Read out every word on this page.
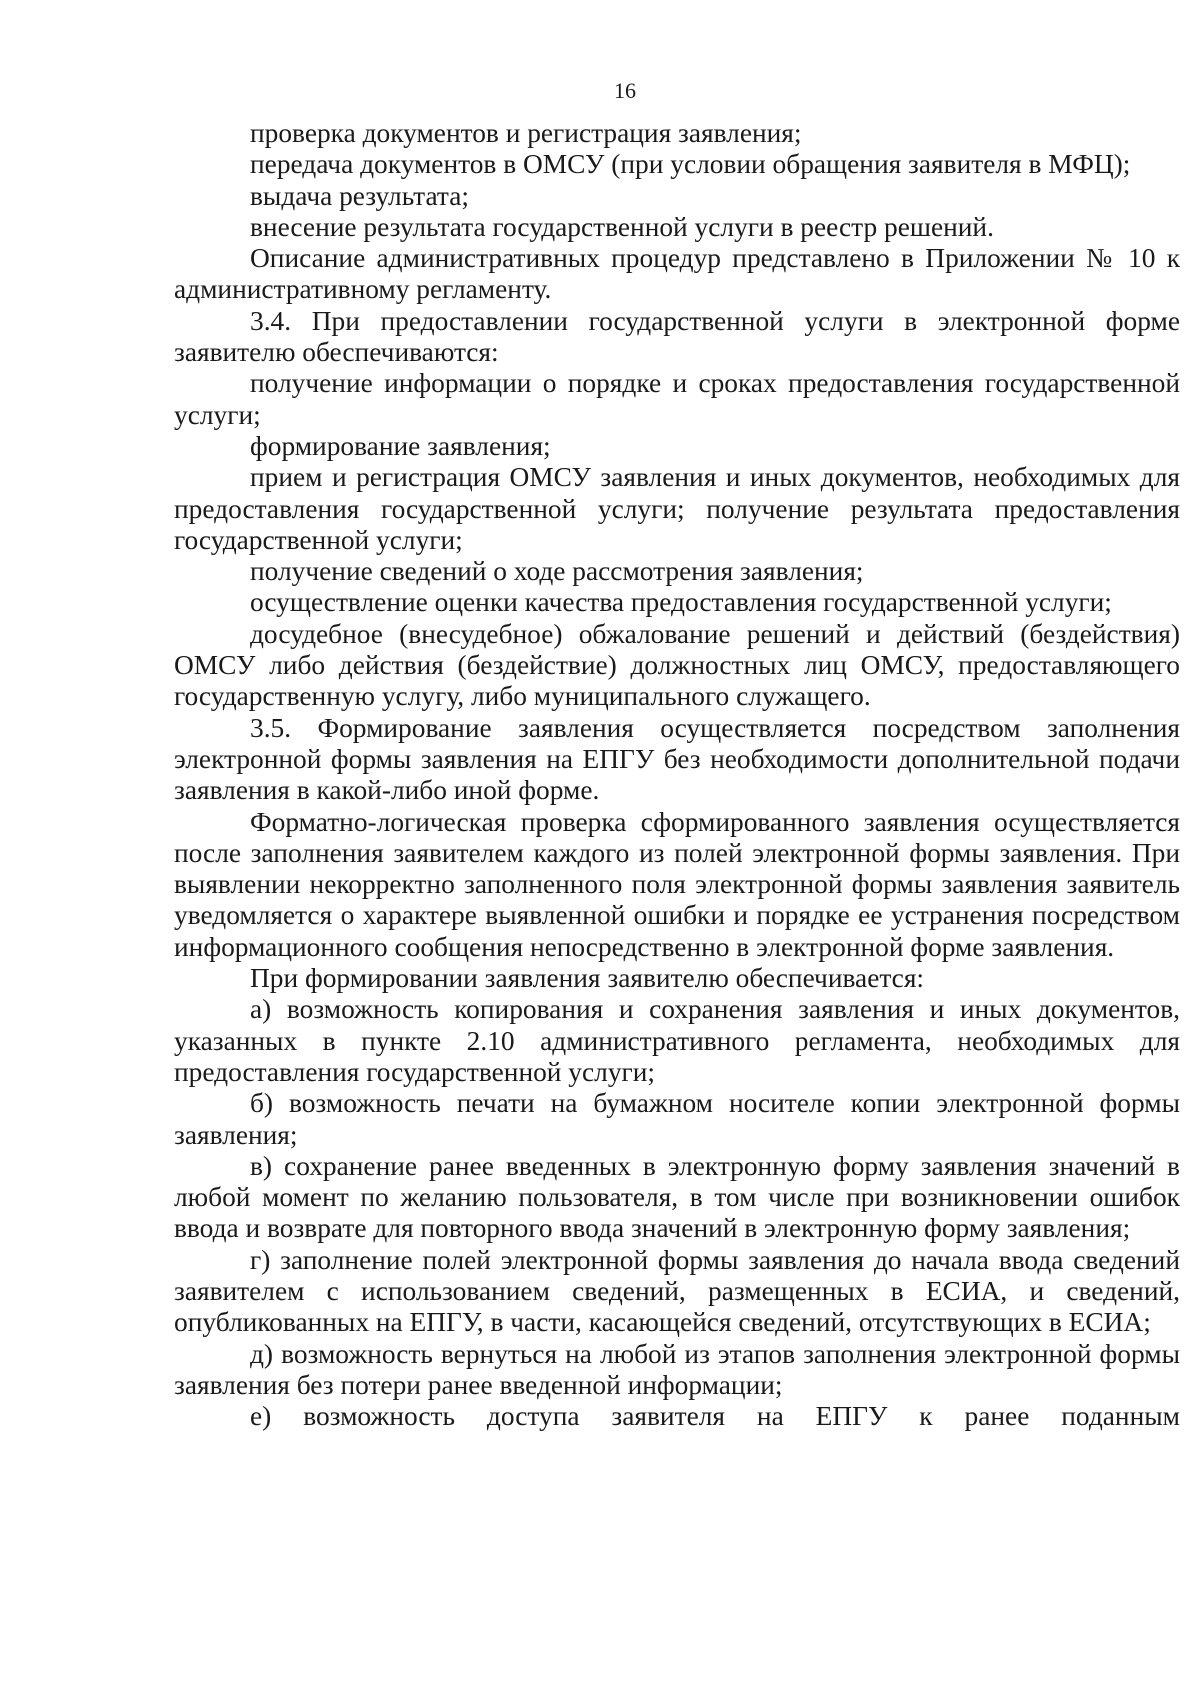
16

проверка документов и регистрация заявления;

передача документов в ОМСУ (при условии обращения заявителя в МФЦ);

выдача результата;

внесение результата государственной услуги в реестр решений.

Описание административных процедур представлено в Приложении № 10 к административному регламенту.

3.4. При предоставлении государственной услуги в электронной форме заявителю обеспечиваются:

получение информации о порядке и сроках предоставления государственной услуги;

формирование заявления;

прием и регистрация ОМСУ заявления и иных документов, необходимых для предоставления государственной услуги; получение результата предоставления государственной услуги;

получение сведений о ходе рассмотрения заявления;

осуществление оценки качества предоставления государственной услуги;

досудебное (внесудебное) обжалование решений и действий (бездействия) ОМСУ либо действия (бездействие) должностных лиц ОМСУ, предоставляющего государственную услугу, либо муниципального служащего.

3.5. Формирование заявления осуществляется посредством заполнения электронной формы заявления на ЕПГУ без необходимости дополнительной подачи заявления в какой-либо иной форме.

Форматно-логическая проверка сформированного заявления осуществляется после заполнения заявителем каждого из полей электронной формы заявления. При выявлении некорректно заполненного поля электронной формы заявления заявитель уведомляется о характере выявленной ошибки и порядке ее устранения посредством информационного сообщения непосредственно в электронной форме заявления.

При формировании заявления заявителю обеспечивается:

а) возможность копирования и сохранения заявления и иных документов, указанных в пункте 2.10 административного регламента, необходимых для предоставления государственной услуги;

б) возможность печати на бумажном носителе копии электронной формы заявления;

в) сохранение ранее введенных в электронную форму заявления значений в любой момент по желанию пользователя, в том числе при возникновении ошибок ввода и возврате для повторного ввода значений в электронную форму заявления;

г) заполнение полей электронной формы заявления до начала ввода сведений заявителем с использованием сведений, размещенных в ЕСИА, и сведений, опубликованных на ЕПГУ, в части, касающейся сведений, отсутствующих в ЕСИА;

д) возможность вернуться на любой из этапов заполнения электронной формы заявления без потери ранее введенной информации;

е) возможность доступа заявителя на ЕПГУ к ранее поданным
